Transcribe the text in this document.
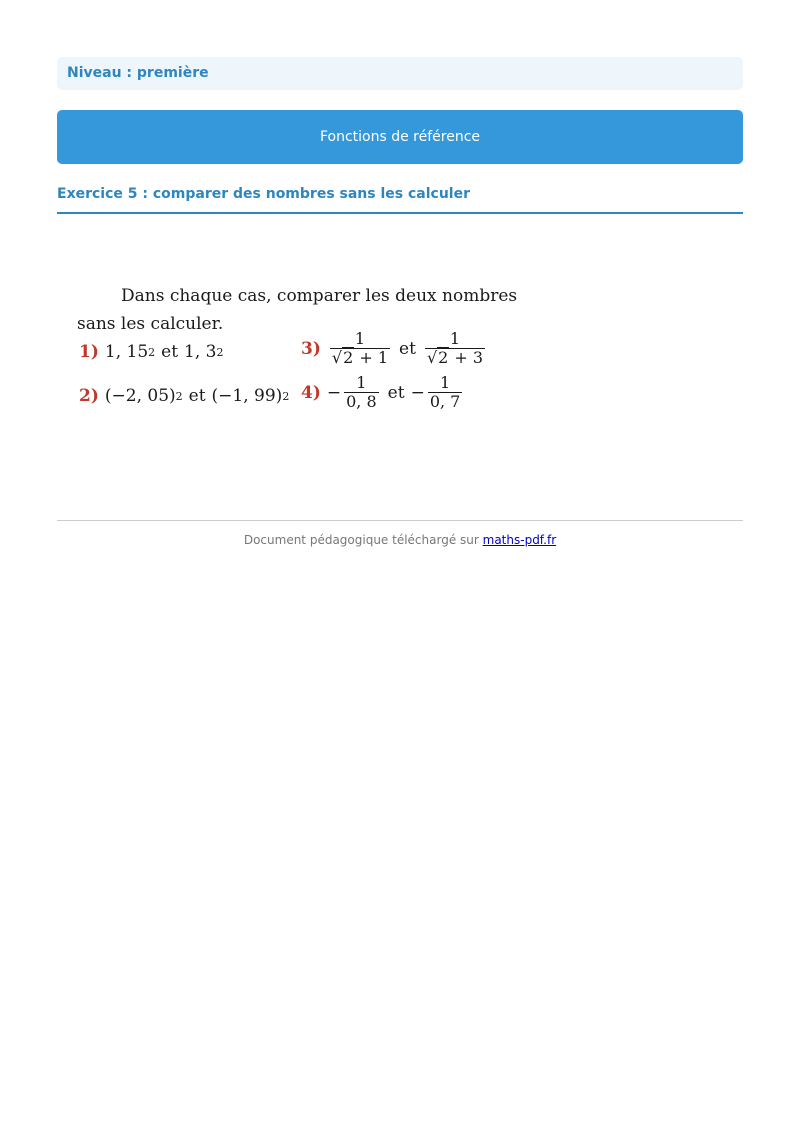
Niveau : première
Fonctions de référence
Exercice 5 : comparer des nombres sans les calculer
Dans chaque cas, comparer les deux nombres
sans les calculer.
1) 1, 15 2 et 1, 3 2
2) (−2, 05) 2 et (−1, 99) 2
$3) \frac{1}{√2 + 1}$ et $\frac{1}{√2 + 3}$
$4) - \frac{1}{0, 8}$ et − $\frac{1}{0, 7}$
Document pédagogique téléchargé sur maths-pdf.fr
